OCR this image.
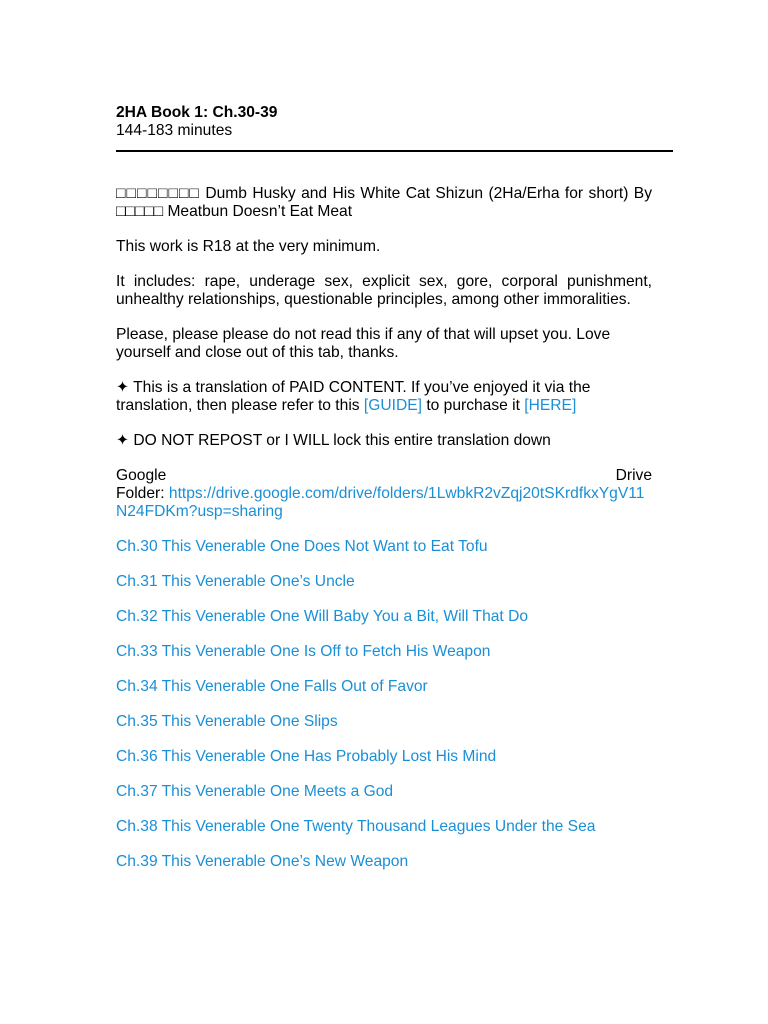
2HA Book 1: Ch.30-39

144-183 minutes

□□□□□□□□ Dumb Husky and His White Cat Shizun (2Ha/Erha for short) By □□□□□ Meatbun Doesn’t Eat Meat

This work is R18 at the very minimum.

It includes: rape, underage sex, explicit sex, gore, corporal punishment, unhealthy relationships, questionable principles, among other immoralities.

Please, please please do not read this if any of that will upset you. Love yourself and close out of this tab, thanks.

✦ This is a translation of PAID CONTENT. If you’ve enjoyed it via the translation, then please refer to this [GUIDE] to purchase it [HERE]

✦ DO NOT REPOST or I WILL lock this entire translation down

Google	Drive
Folder: https://drive.google.com/drive/folders/1LwbkR2vZqj20tSKrdfkxYgV11N24FDKm?usp=sharing
Ch.30 This Venerable One Does Not Want to Eat Tofu
Ch.31 This Venerable One’s Uncle
Ch.32 This Venerable One Will Baby You a Bit, Will That Do
Ch.33 This Venerable One Is Off to Fetch His Weapon
Ch.34 This Venerable One Falls Out of Favor
Ch.35 This Venerable One Slips
Ch.36 This Venerable One Has Probably Lost His Mind
Ch.37 This Venerable One Meets a God
Ch.38 This Venerable One Twenty Thousand Leagues Under the Sea
Ch.39 This Venerable One’s New Weapon
